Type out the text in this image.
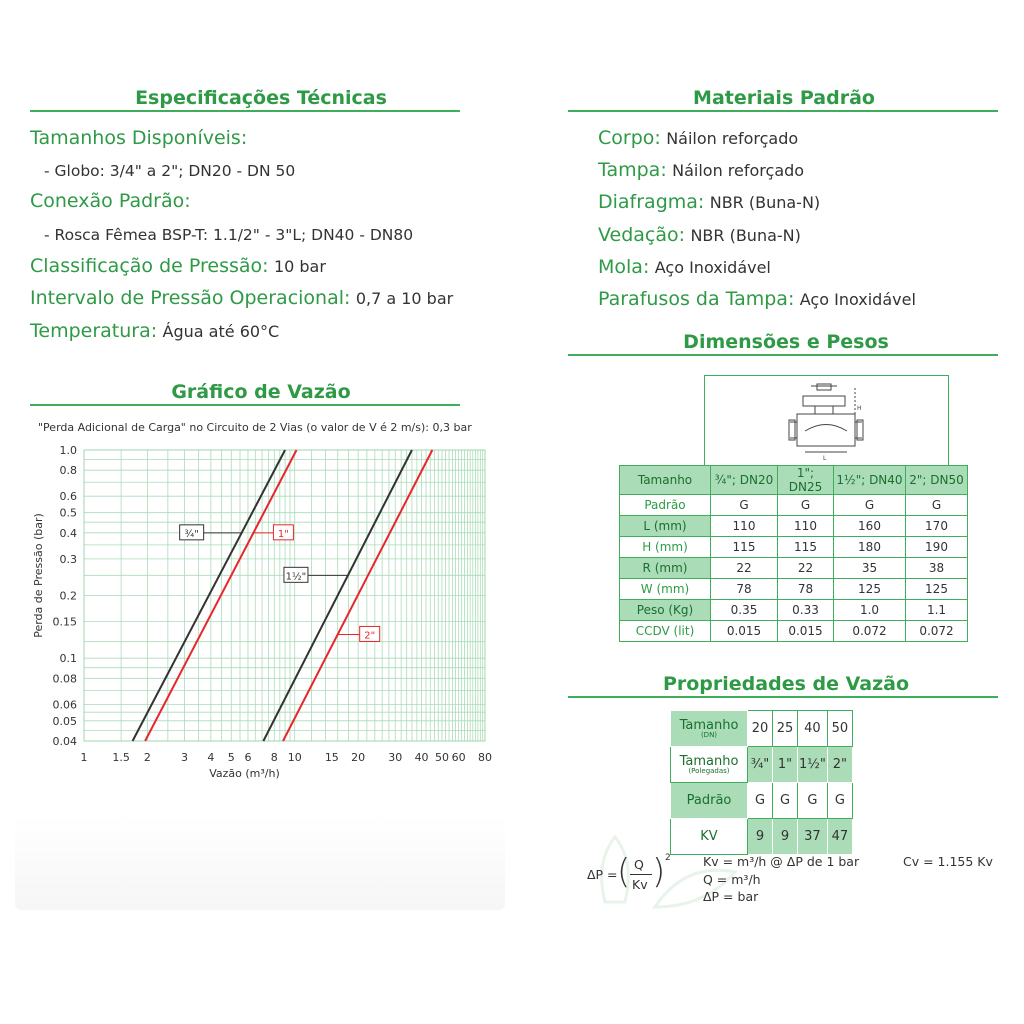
Especificações Técnicas
Tamanhos Disponíveis:
- Globo: 3/4" a 2"; DN20 - DN 50
Conexão Padrão:
- Rosca Fêmea BSP-T: 1.1/2" - 3"L; DN40 - DN80
Classificação de Pressão: 10 bar
Intervalo de Pressão Operacional: 0,7 a 10 bar
Temperatura: Água até 60°C
Gráfico de Vazão
"Perda Adicional de Carga" no Circuito de 2 Vias (o valor de V é 2 m/s): 0,3 bar
1 1.5 2	3 4 5 6 8 10 15 20 30 40 50 60 80
0.04
0.05
0.06
0.08
0.1
0.15
0.2
0.3
0.4
0.5
0.6
0.8
1.0
Vazão (m³/h)
Perda de Pressão (bar)	¾"	1"
1½"
2"
Materiais Padrão
Corpo: Náilon reforçado
Tampa: Náilon reforçado
Diafragma: NBR (Buna-N)
Vedação: NBR (Buna-N)
Mola: Aço Inoxidável
Parafusos da Tampa: Aço Inoxidável
Dimensões e Pesos
H
L
Tamanho	¾"; DN20	1"; DN25	1½"; DN40	2"; DN50
Padrão	G	G	G	G
L (mm)	110	110	160	170
H (mm)	115	115	180	190
R (mm)	22	22	35	38
W (mm)	78	78	125	125
Peso (Kg)	0.35	0.33	1.0	1.1
CCDV (lit)	0.015	0.015	0.072	0.072
Propriedades de Vazão
Tamanho
(DN)	20	25	40	50

Tamanho
(Polegadas)	¾"	1"	1½"	2"

Padrão	G	G	G	G

KV	9	9	37	47
ΔP = ( Q
Kv ) 2	Kv = m³/h @ ΔP de 1 bar
Q = m³/h
ΔP = bar
Cv = 1.155 Kv
